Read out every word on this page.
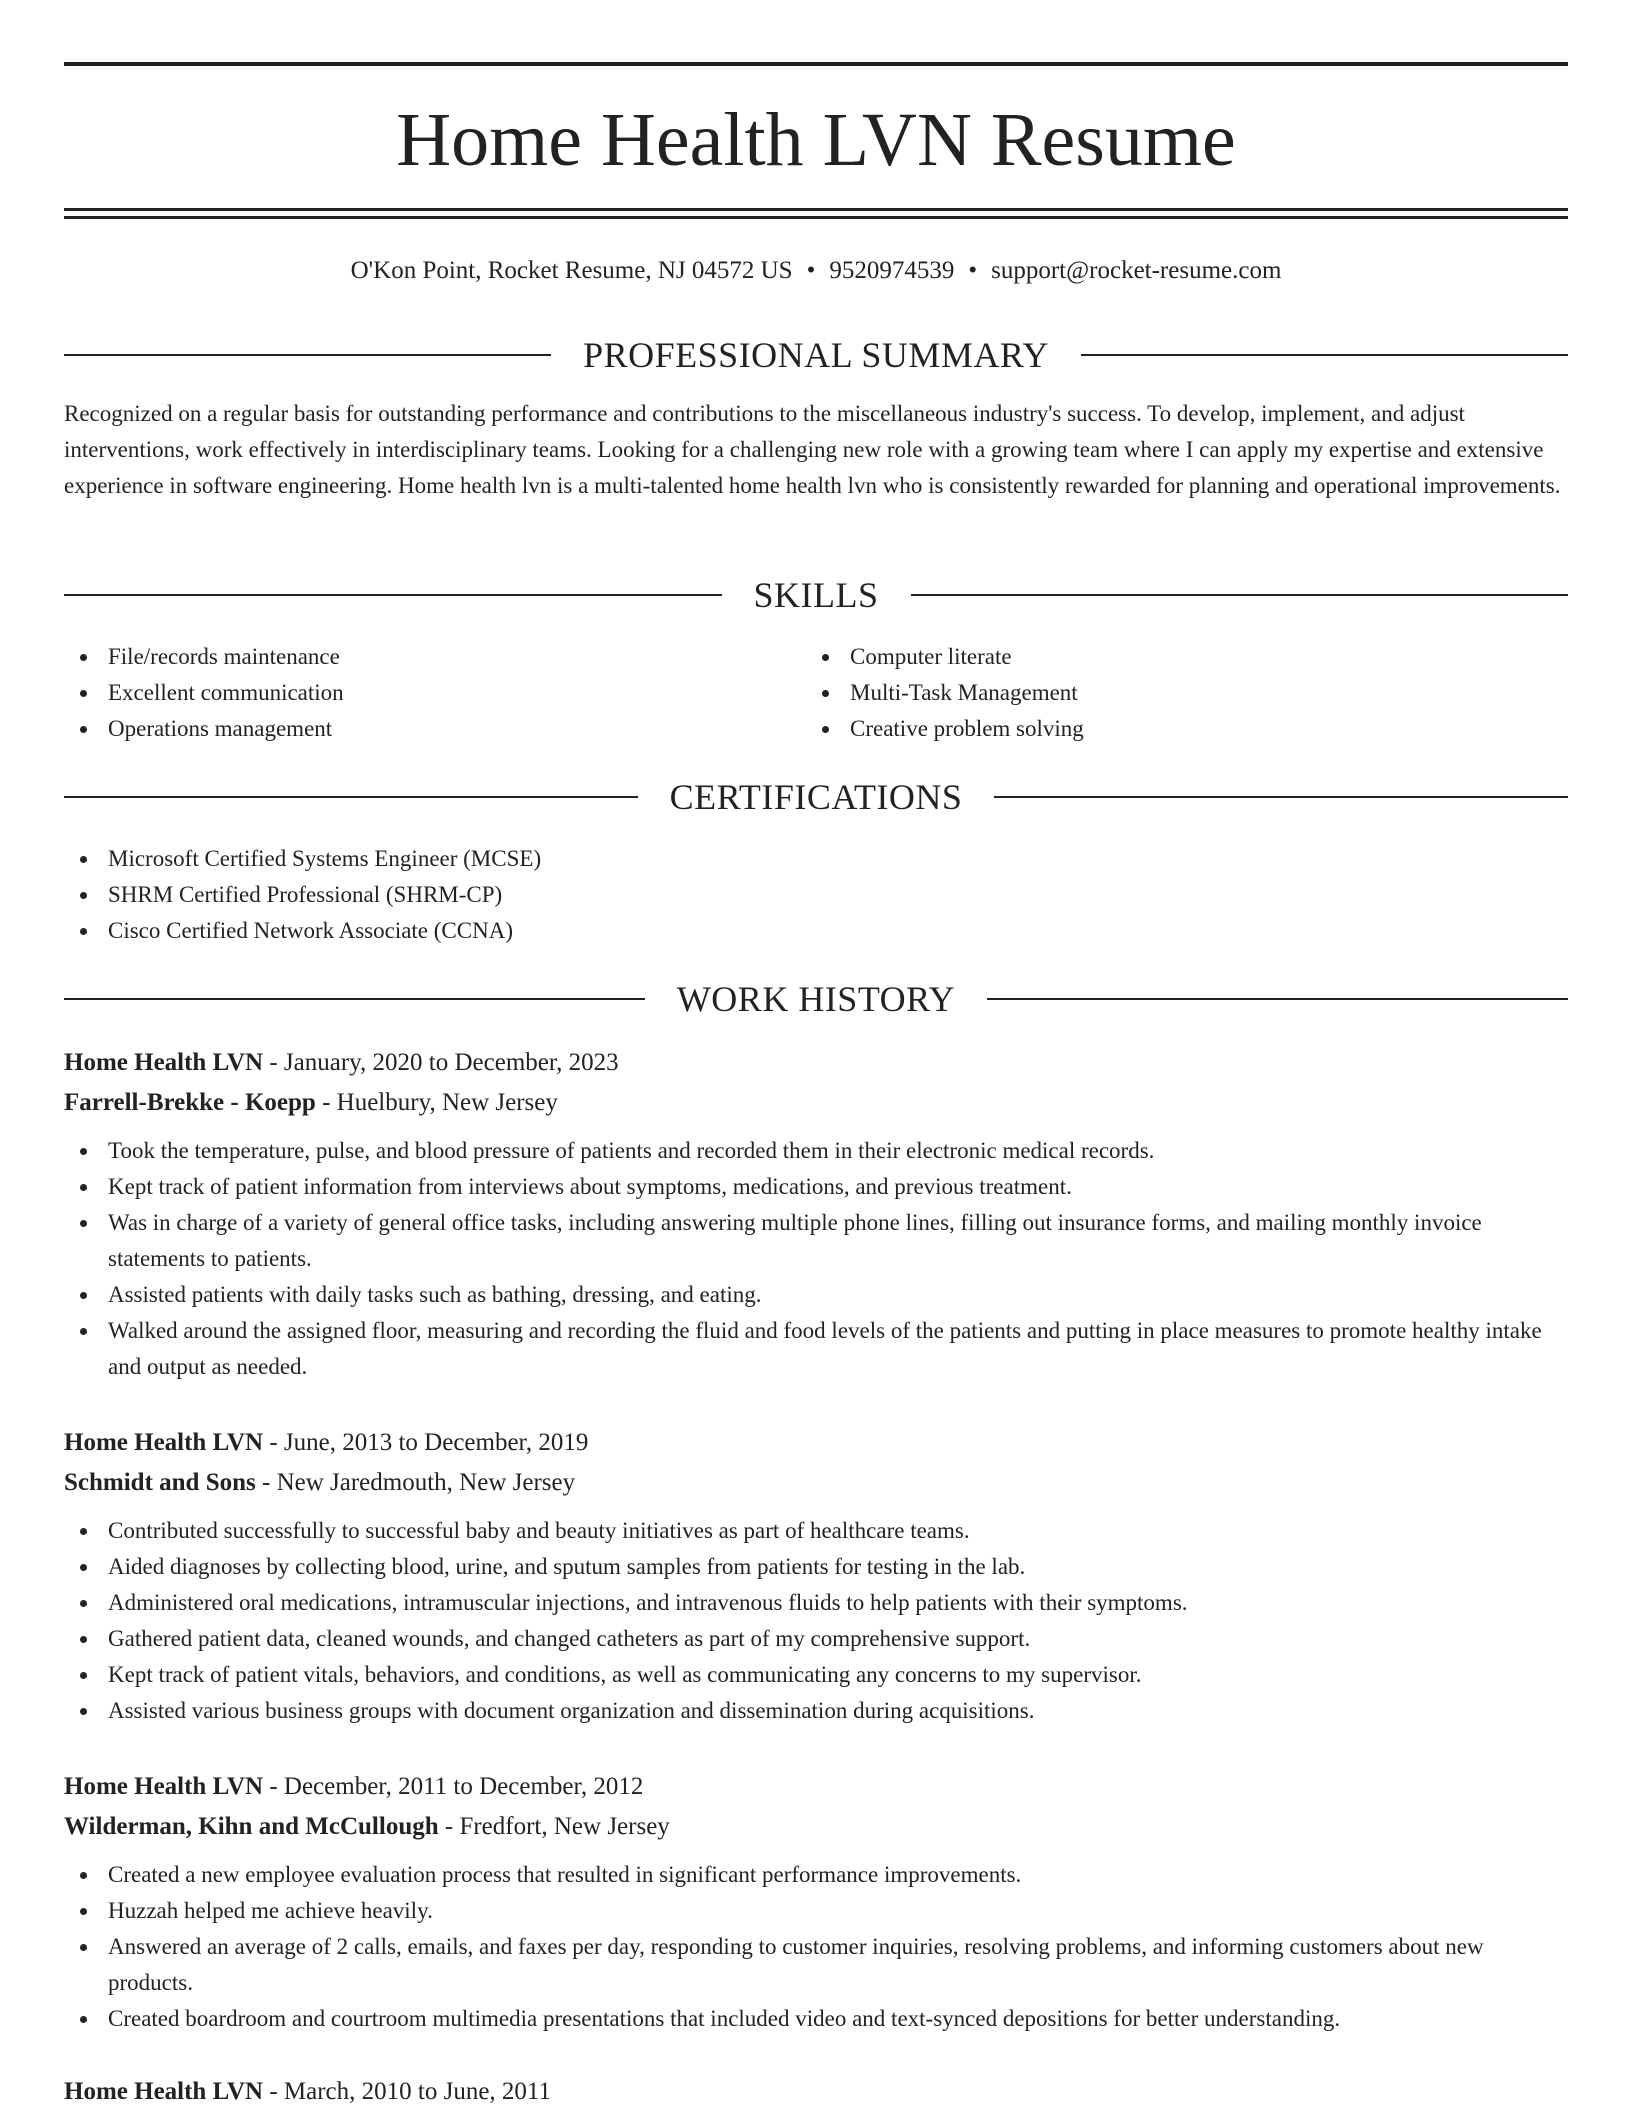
Home Health LVN Resume
O'Kon Point, Rocket Resume, NJ 04572 US • 9520974539 • support@rocket-resume.com
PROFESSIONAL SUMMARY
Recognized on a regular basis for outstanding performance and contributions to the miscellaneous industry's success. To develop, implement, and adjust interventions, work effectively in interdisciplinary teams. Looking for a challenging new role with a growing team where I can apply my expertise and extensive experience in software engineering. Home health lvn is a multi-talented home health lvn who is consistently rewarded for planning and operational improvements.
SKILLS
File/records maintenance
Excellent communication
Operations management
Computer literate
Multi-Task Management
Creative problem solving
CERTIFICATIONS
Microsoft Certified Systems Engineer (MCSE)
SHRM Certified Professional (SHRM-CP)
Cisco Certified Network Associate (CCNA)
WORK HISTORY
Home Health LVN - January, 2020 to December, 2023
Farrell-Brekke - Koepp - Huelbury, New Jersey
Took the temperature, pulse, and blood pressure of patients and recorded them in their electronic medical records.
Kept track of patient information from interviews about symptoms, medications, and previous treatment.
Was in charge of a variety of general office tasks, including answering multiple phone lines, filling out insurance forms, and mailing monthly invoice statements to patients.
Assisted patients with daily tasks such as bathing, dressing, and eating.
Walked around the assigned floor, measuring and recording the fluid and food levels of the patients and putting in place measures to promote healthy intake and output as needed.
Home Health LVN - June, 2013 to December, 2019
Schmidt and Sons - New Jaredmouth, New Jersey
Contributed successfully to successful baby and beauty initiatives as part of healthcare teams.
Aided diagnoses by collecting blood, urine, and sputum samples from patients for testing in the lab.
Administered oral medications, intramuscular injections, and intravenous fluids to help patients with their symptoms.
Gathered patient data, cleaned wounds, and changed catheters as part of my comprehensive support.
Kept track of patient vitals, behaviors, and conditions, as well as communicating any concerns to my supervisor.
Assisted various business groups with document organization and dissemination during acquisitions.
Home Health LVN - December, 2011 to December, 2012
Wilderman, Kihn and McCullough - Fredfort, New Jersey
Created a new employee evaluation process that resulted in significant performance improvements.
Huzzah helped me achieve heavily.
Answered an average of 2 calls, emails, and faxes per day, responding to customer inquiries, resolving problems, and informing customers about new products.
Created boardroom and courtroom multimedia presentations that included video and text-synced depositions for better understanding.
Home Health LVN - March, 2010 to June, 2011
